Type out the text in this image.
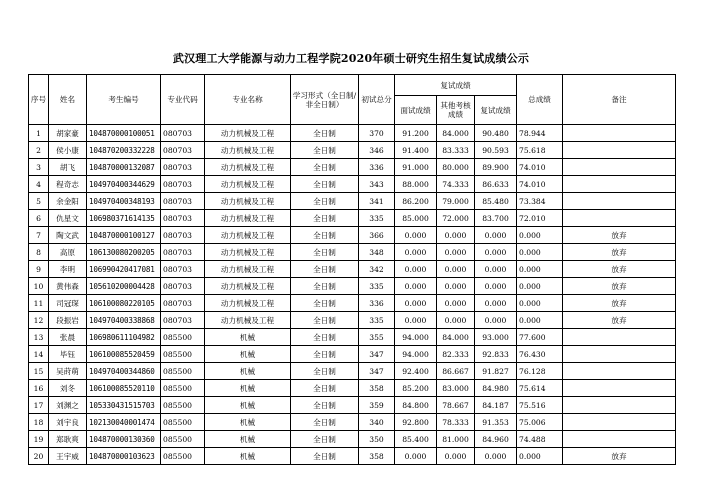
武汉理工大学能源与动力工程学院2020年硕士研究生招生复试成绩公示
序号	姓名	考生编号	专业代码	专业名称	学习形式（全日制/非全日制）	初试总分	复试成绩			总成绩	备注
							面试成绩	其他考核成绩	复试成绩		
1	胡家豪	104870000100051	080703	动力机械及工程	全日制	370	91.200	84.000	90.480	78.944	
2	侯小康	104870200332228	080703	动力机械及工程	全日制	346	91.400	83.333	90.593	75.618	
3	胡飞	104870000132087	080703	动力机械及工程	全日制	336	91.000	80.000	89.900	74.010	
4	程奇志	104970400344629	080703	动力机械及工程	全日制	343	88.000	74.333	86.633	74.010	
5	余金阳	104970400348193	080703	动力机械及工程	全日制	341	86.200	79.000	85.480	73.384	
6	仇星文	106980371614135	080703	动力机械及工程	全日制	335	85.000	72.000	83.700	72.010	
7	陶文武	104870000100127	080703	动力机械及工程	全日制	366	0.000	0.000	0.000	0.000	放弃
8	高原	106130080200205	080703	动力机械及工程	全日制	348	0.000	0.000	0.000	0.000	放弃
9	李明	106990420417081	080703	动力机械及工程	全日制	342	0.000	0.000	0.000	0.000	放弃
10	黄伟森	105610200004428	080703	动力机械及工程	全日制	335	0.000	0.000	0.000	0.000	放弃
11	司冠琛	106100080220105	080703	动力机械及工程	全日制	336	0.000	0.000	0.000	0.000	放弃
12	段振岩	104970400338868	080703	动力机械及工程	全日制	335	0.000	0.000	0.000	0.000	放弃
13	张晨	106980611104982	085500	机械	全日制	355	94.000	84.000	93.000	77.600	
14	毕钰	106100085520459	085500	机械	全日制	347	94.000	82.333	92.833	76.430	
15	吴莳萌	104970400344860	085500	机械	全日制	347	92.400	86.667	91.827	76.128	
16	刘冬	106100085520110	085500	机械	全日制	358	85.200	83.000	84.980	75.614	
17	刘渊之	105330431515703	085500	机械	全日制	359	84.800	78.667	84.187	75.516	
18	刘宇良	102130040001474	085500	机械	全日制	340	92.800	78.333	91.353	75.006	
19	郑耿爽	104870000130360	085500	机械	全日制	350	85.400	81.000	84.960	74.488	
20	王宇威	104870000103623	085500	机械	全日制	358	0.000	0.000	0.000	0.000	放弃
